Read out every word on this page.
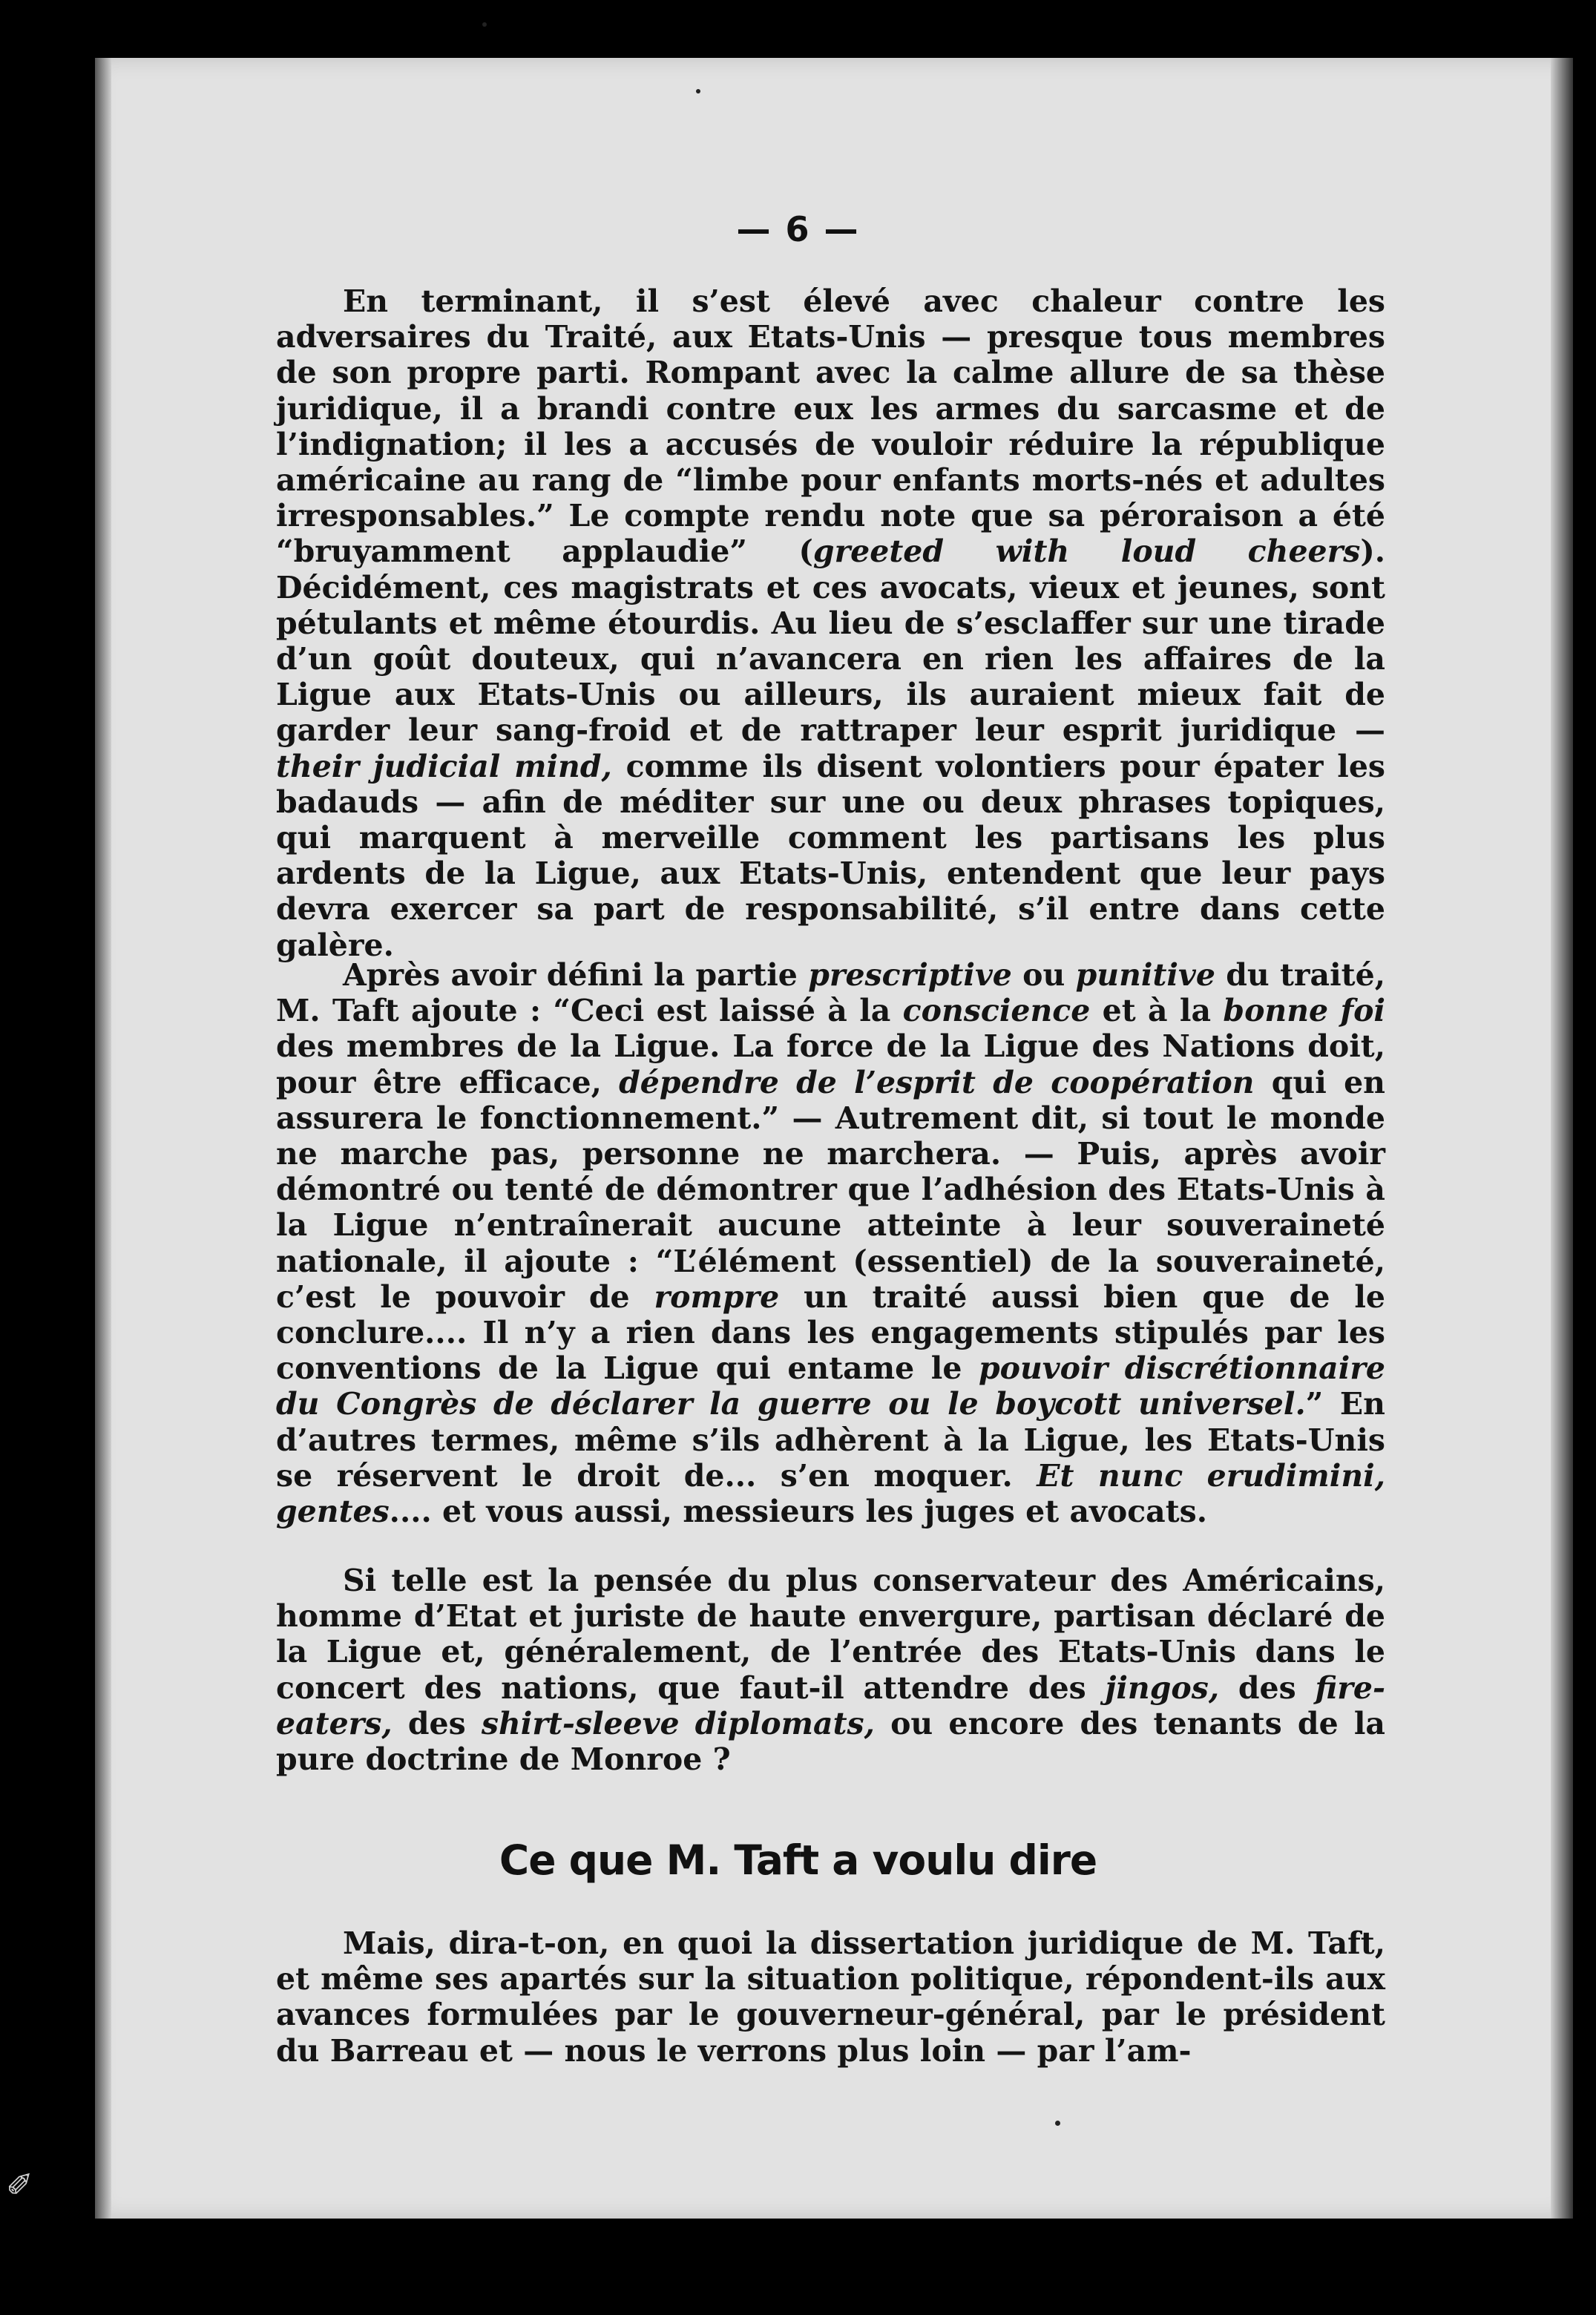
— 6 —

En terminant, il s’est élevé avec chaleur contre les adversaires du Traité, aux Etats-Unis — presque tous membres de son propre parti. Rompant avec la calme allure de sa thèse juridique, il a brandi contre eux les armes du sarcasme et de l’indignation; il les a accusés de vouloir réduire la république américaine au rang de “limbe pour enfants morts-nés et adultes irresponsables.” Le compte rendu note que sa péroraison a été “bruyamment applaudie” (greeted with loud cheers). Décidément, ces magistrats et ces avocats, vieux et jeunes, sont pétulants et même étourdis. Au lieu de s’esclaffer sur une tirade d’un goût douteux, qui n’avancera en rien les affaires de la Ligue aux Etats-Unis ou ailleurs, ils auraient mieux fait de garder leur sang-froid et de rattraper leur esprit juridique —their judicial mind, comme ils disent volontiers pour épater les badauds — afin de méditer sur une ou deux phrases topiques, qui marquent à merveille comment les partisans les plus ardents de la Ligue, aux Etats-Unis, entendent que leur pays devra exercer sa part de responsabilité, s’il entre dans cette galère.

Après avoir défini la partie prescriptive ou punitive du traité, M. Taft ajoute : “Ceci est laissé à la conscience et à la bonne foi des membres de la Ligue. La force de la Ligue des Nations doit, pour être efficace, dépendre de l’esprit de coopération qui en assurera le fonctionnement.” — Autrement dit, si tout le monde ne marche pas, personne ne marchera. — Puis, après avoir démontré ou tenté de démontrer que l’adhésion des Etats-Unis à la Ligue n’entraînerait aucune atteinte à leur souveraineté nationale, il ajoute : “L’élément (essentiel) de la souveraineté, c’est le pouvoir de rompre un traité aussi bien que de le conclure.... Il n’y a rien dans les engagements stipulés par les conventions de la Ligue qui entame le pouvoir discrétionnaire du Congrès de déclarer la guerre ou le boycott universel.” En d’autres termes, même s’ils adhèrent à la Ligue, les Etats-Unis se réservent le droit de... s’en moquer. Et nunc erudimini, gentes.... et vous aussi, messieurs les juges et avocats.

Si telle est la pensée du plus conservateur des Américains, homme d’Etat et juriste de haute envergure, partisan déclaré de la Ligue et, généralement, de l’entrée des Etats-Unis dans le concert des nations, que faut-il attendre des jingos, des fire-eaters, des shirt-sleeve diplomats, ou encore des tenants de la pure doctrine de Monroe ?

Ce que M. Taft a voulu dire

Mais, dira-t-on, en quoi la dissertation juridique de M. Taft, et même ses apartés sur la situation politique, répondent-ils aux avances formulées par le gouverneur-général, par le président du Barreau et — nous le verrons plus loin — par l’am-

✐
